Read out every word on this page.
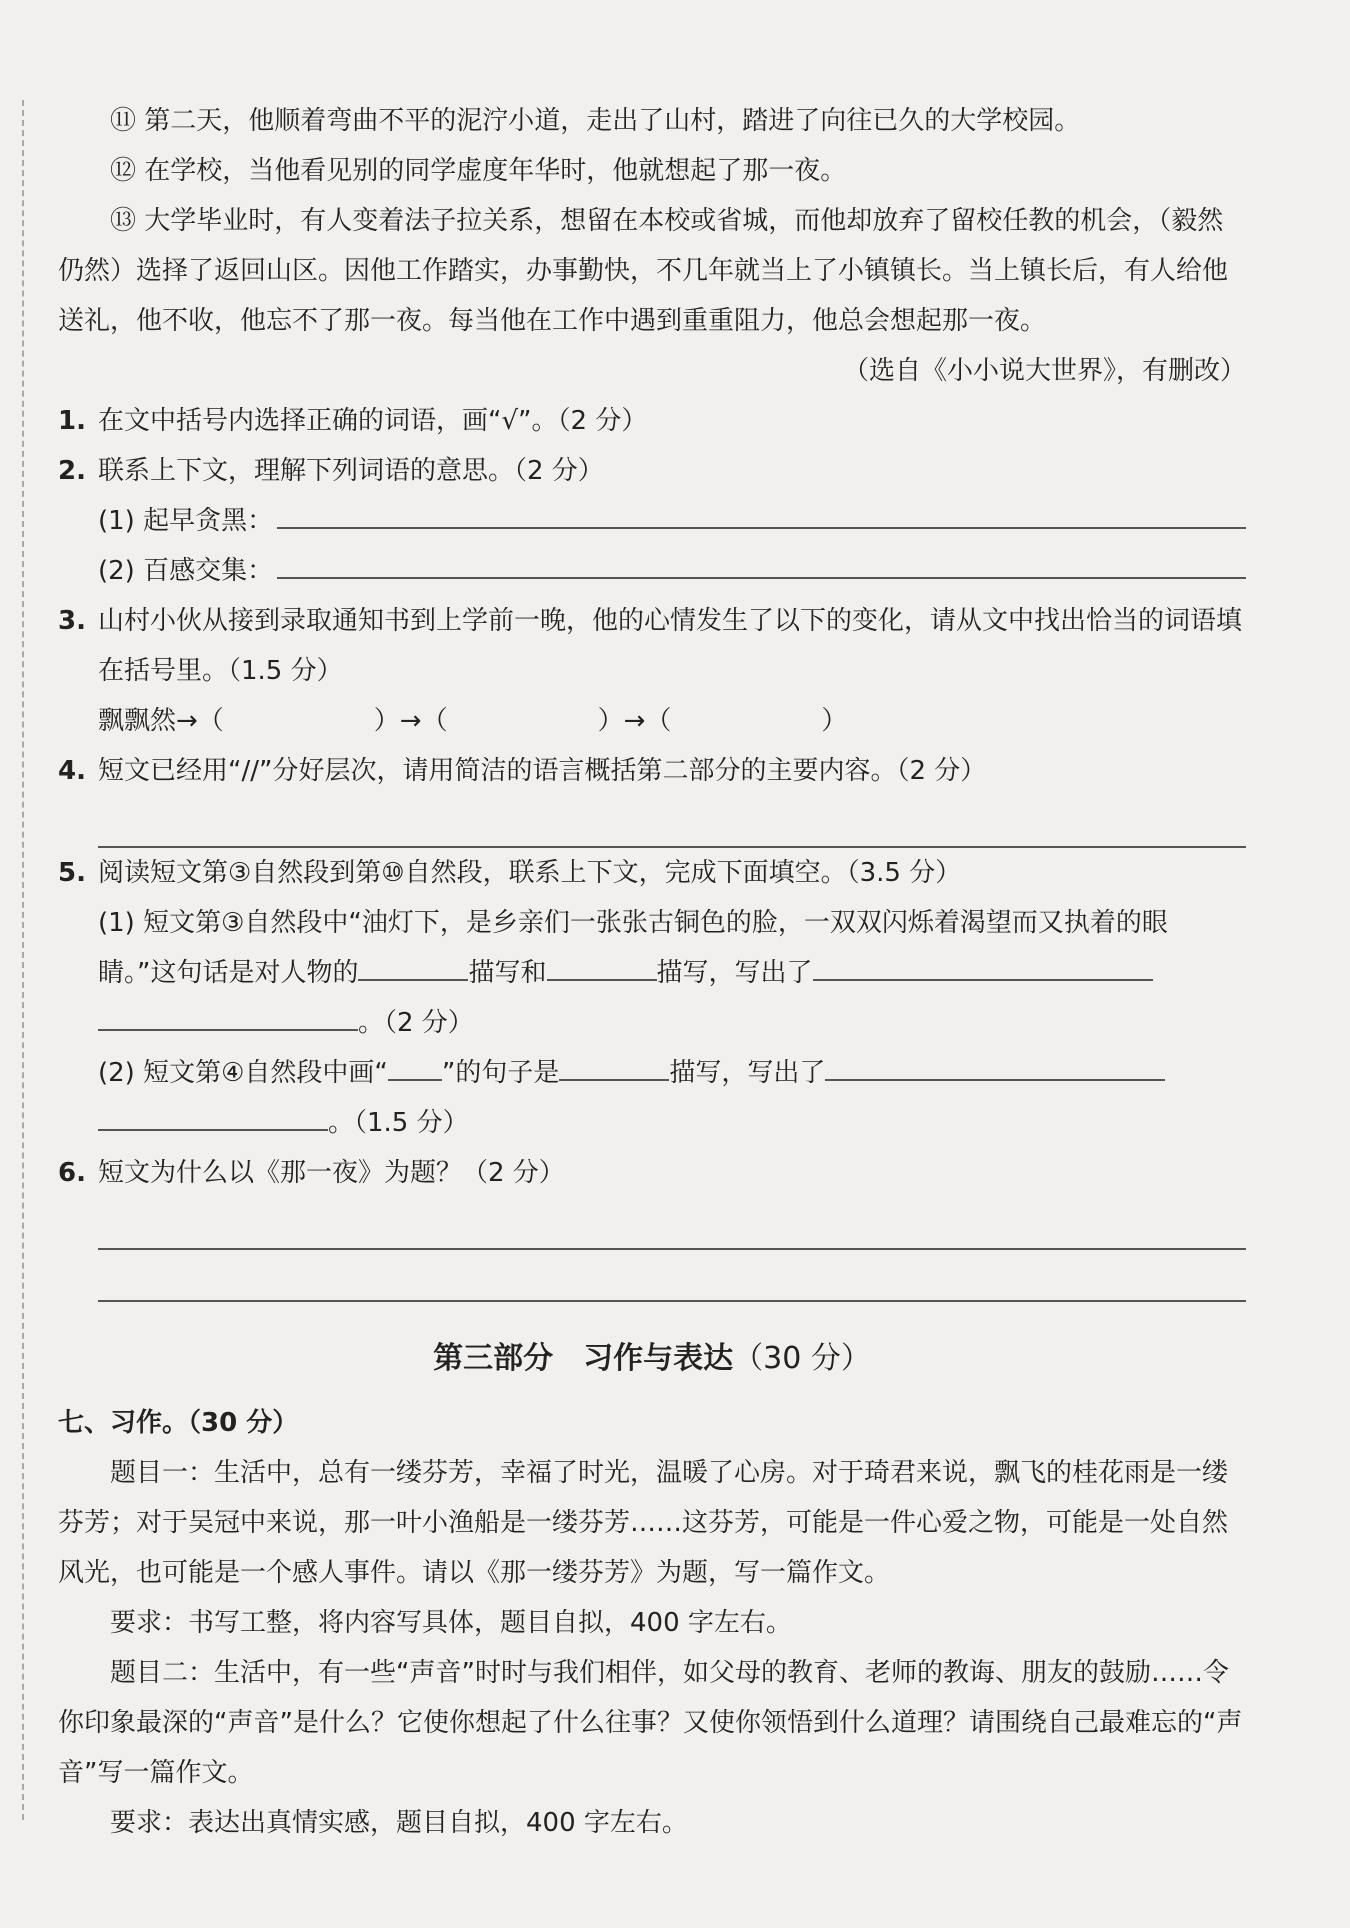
⑪ 第二天，他顺着弯曲不平的泥泞小道，走出了山村，踏进了向往已久的大学校园。

⑫ 在学校，当他看见别的同学虚度年华时，他就想起了那一夜。

⑬ 大学毕业时，有人变着法子拉关系，想留在本校或省城，而他却放弃了留校任教的机会，（毅然　仍然）选择了返回山区。因他工作踏实，办事勤快，不几年就当上了小镇镇长。当上镇长后，有人给他送礼，他不收，他忘不了那一夜。每当他在工作中遇到重重阻力，他总会想起那一夜。

（选自《小小说大世界》，有删改）

1. 在文中括号内选择正确的词语，画“√”。（2 分）

2. 联系上下文，理解下列词语的意思。（2 分）

(1) 起早贪黑：
(2) 百感交集：
3. 山村小伙从接到录取通知书到上学前一晚，他的心情发生了以下的变化，请从文中找出恰当的词语填在括号里。（1.5 分）

飘飘然→（	）→（	）→（	）

4. 短文已经用“//”分好层次，请用简洁的语言概括第二部分的主要内容。（2 分）

5. 阅读短文第③自然段到第⑩自然段，联系上下文，完成下面填空。（3.5 分）

(1) 短文第③自然段中“油灯下，是乡亲们一张张古铜色的脸，一双双闪烁着渴望而又执着的眼睛。”这句话是对人物的	描写和	描写，写出了
。（2 分）

(2) 短文第④自然段中画“ ”的句子是	描写，写出了
。（1.5 分）

6. 短文为什么以《那一夜》为题？（2 分）

第三部分　习作与表达（30 分）

七、习作。（30 分）

题目一：生活中，总有一缕芬芳，幸福了时光，温暖了心房。对于琦君来说，飘飞的桂花雨是一缕芬芳；对于吴冠中来说，那一叶小渔船是一缕芬芳……这芬芳，可能是一件心爱之物，可能是一处自然风光，也可能是一个感人事件。请以《那一缕芬芳》为题，写一篇作文。

要求：书写工整，将内容写具体，题目自拟，400 字左右。

题目二：生活中，有一些“声音”时时与我们相伴，如父母的教育、老师的教诲、朋友的鼓励……令你印象最深的“声音”是什么？它使你想起了什么往事？又使你领悟到什么道理？请围绕自己最难忘的“声音”写一篇作文。

要求：表达出真情实感，题目自拟，400 字左右。
